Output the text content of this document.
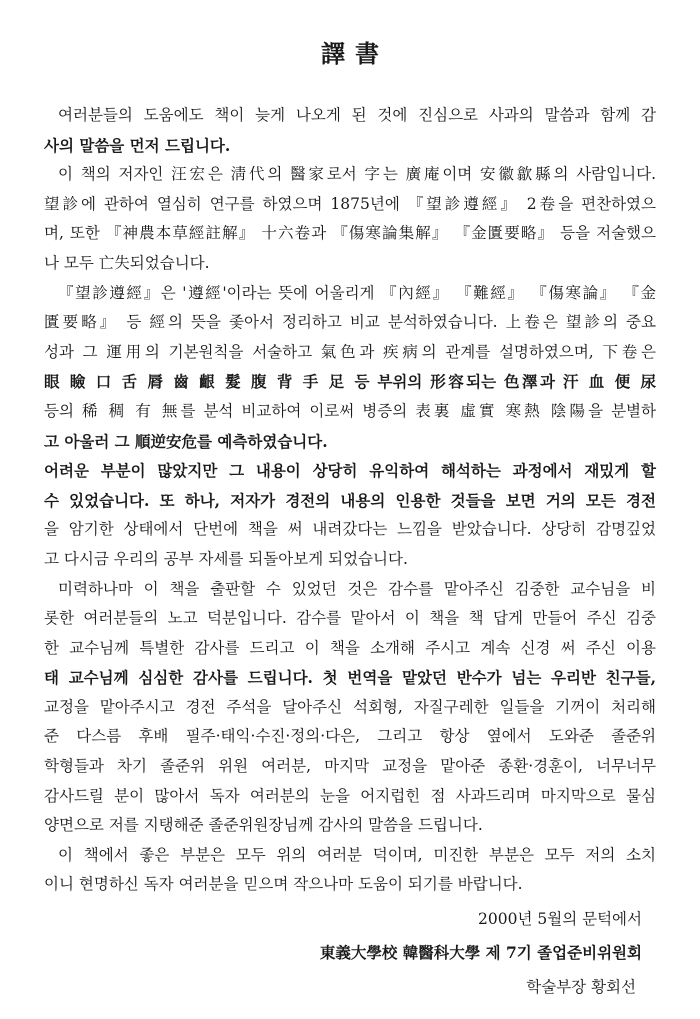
譯書
여러분들의 도움에도 책이 늦게 나오게 된 것에 진심으로 사과의 말씀과 함께 감
사의 말씀을 먼저 드립니다.
이 책의 저자인 汪宏은 淸代의 醫家로서 字는 廣庵이며 安徽歙縣의 사람입니다.
望診에 관하여 열심히 연구를 하였으며 1875년에 『望診遵經』 2卷을 편찬하였으
며, 또한 『神農本草經註解』 十六卷과 『傷寒論集解』 『金匱要略』 등을 저술했으
나 모두 亡失되었습니다.
『望診遵經』은 '遵經'이라는 뜻에 어울리게 『內經』 『難經』 『傷寒論』 『金
匱要略』 등 經의 뜻을 좇아서 정리하고 비교 분석하였습니다. 上卷은 望診의 중요
성과 그 運用의 기본원칙을 서술하고 氣色과 疾病의 관계를 설명하였으며, 下卷은
眼 瞼 口 舌 脣 齒 齦 髮 腹 背 手 足 등 부위의 形容되는 色澤과 汗 血 便 尿
등의 稀 稠 有 無를 분석 비교하여 이로써 병증의 表裏 虛實 寒熱 陰陽을 분별하
고 아울러 그 順逆安危를 예측하였습니다.
어려운 부분이 많았지만 그 내용이 상당히 유익하여 해석하는 과정에서 재밌게 할
수 있었습니다. 또 하나, 저자가 경전의 내용의 인용한 것들을 보면 거의 모든 경전
을 암기한 상태에서 단번에 책을 써 내려갔다는 느낌을 받았습니다. 상당히 감명깊었
고 다시금 우리의 공부 자세를 되돌아보게 되었습니다.
미력하나마 이 책을 출판할 수 있었던 것은 감수를 맡아주신 김중한 교수님을 비
롯한 여러분들의 노고 덕분입니다. 감수를 맡아서 이 책을 책 답게 만들어 주신 김중
한 교수님께 특별한 감사를 드리고 이 책을 소개해 주시고 계속 신경 써 주신 이용
태 교수님께 심심한 감사를 드립니다. 첫 번역을 맡았던 반수가 넘는 우리반 친구들,
교정을 맡아주시고 경전 주석을 달아주신 석회형, 자질구레한 일들을 기꺼이 처리해
준 다스름 후배 필주·태익·수진·정의·다은, 그리고 항상 옆에서 도와준 졸준위
학형들과 차기 졸준위 위원 여러분, 마지막 교정을 맡아준 종환·경훈이, 너무너무
감사드릴 분이 많아서 독자 여러분의 눈을 어지럽힌 점 사과드리며 마지막으로 물심
양면으로 저를 지탱해준 졸준위원장님께 감사의 말씀을 드립니다.
이 책에서 좋은 부분은 모두 위의 여러분 덕이며, 미진한 부분은 모두 저의 소치
이니 현명하신 독자 여러분을 믿으며 작으나마 도움이 되기를 바랍니다.
2000년 5월의 문턱에서
東義大學校 韓醫科大學 제 7기 졸업준비위원회
학술부장 황회선
